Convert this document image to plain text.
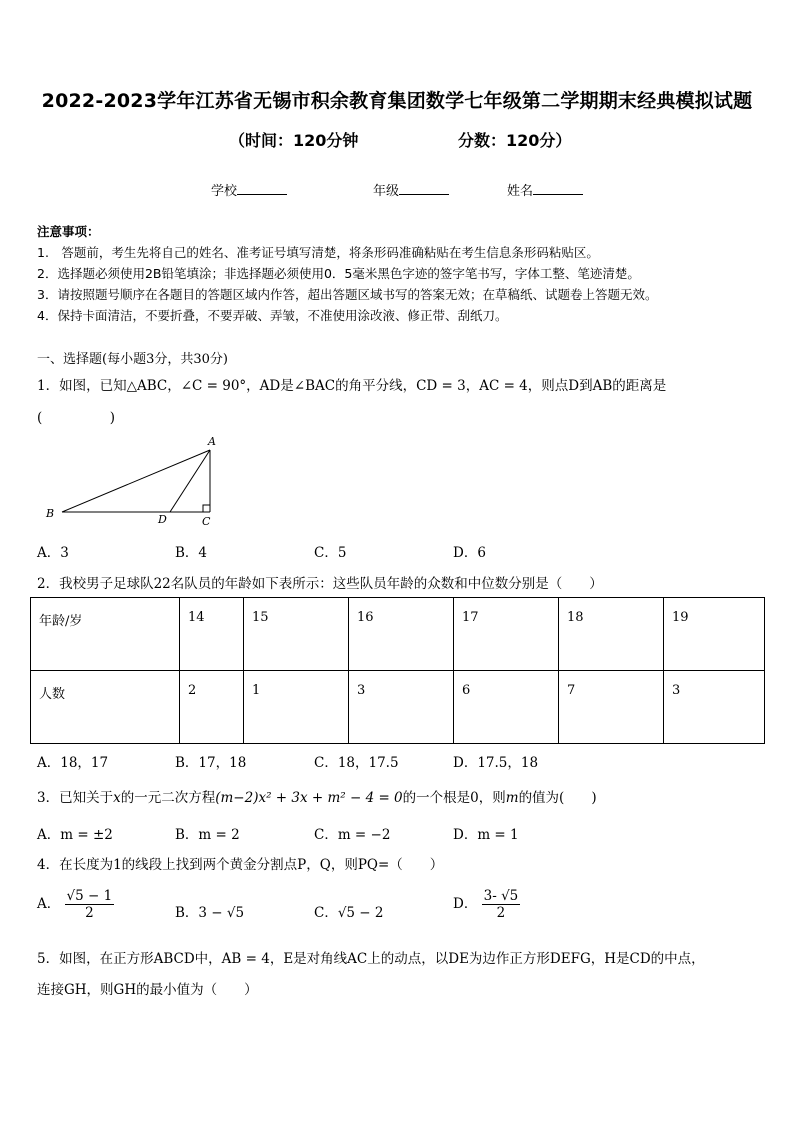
2022-2023学年江苏省无锡市积余教育集团数学七年级第二学期期末经典模拟试题
（时间：120分钟	分数：120分）
学校	年级	姓名
注意事项：
1.　答题前，考生先将自己的姓名、准考证号填写清楚，将条形码准确粘贴在考生信息条形码粘贴区。
2．选择题必须使用2B铅笔填涂；非选择题必须使用0．5毫米黑色字迹的签字笔书写，字体工整、笔迹清楚。
3．请按照题号顺序在各题目的答题区域内作答，超出答题区域书写的答案无效；在草稿纸、试题卷上答题无效。
4．保持卡面清洁，不要折叠，不要弄破、弄皱，不准使用涂改液、修正带、刮纸刀。
一、选择题(每小题3分，共30分)
1．如图，已知△ABC，∠C = 90°，AD是∠BAC的角平分线，CD = 3，AC = 4，则点D到AB的距离是
(　　　　　)
A
B
C
D
A．3	B．4	C．5	D．6
2．我校男子足球队22名队员的年龄如下表所示：这些队员年龄的众数和中位数分别是（　　）
年龄/岁	14	15	16	17	18	19
人数	2	1	3	6	7	3
A．18，17	B．17，18	C．18，17.5	D．17.5，18
3．已知关于x的一元二次方程(m−2)x² + 3x + m² − 4 = 0的一个根是0，则m的值为(　　)
A．m = ±2	B．m = 2	C．m = −2	D．m = 1
4．在长度为1的线段上找到两个黄金分割点P，Q，则PQ=（　　）
A． $\frac{√5 - 1}{2}$	B．3 − √5	C．√5 − 2
D． $\frac{3- √5}{2}$
5．如图，在正方形ABCD中，AB = 4，E是对角线AC上的动点，以DE为边作正方形DEFG，H是CD的中点，
连接GH，则GH的最小值为（　　）
